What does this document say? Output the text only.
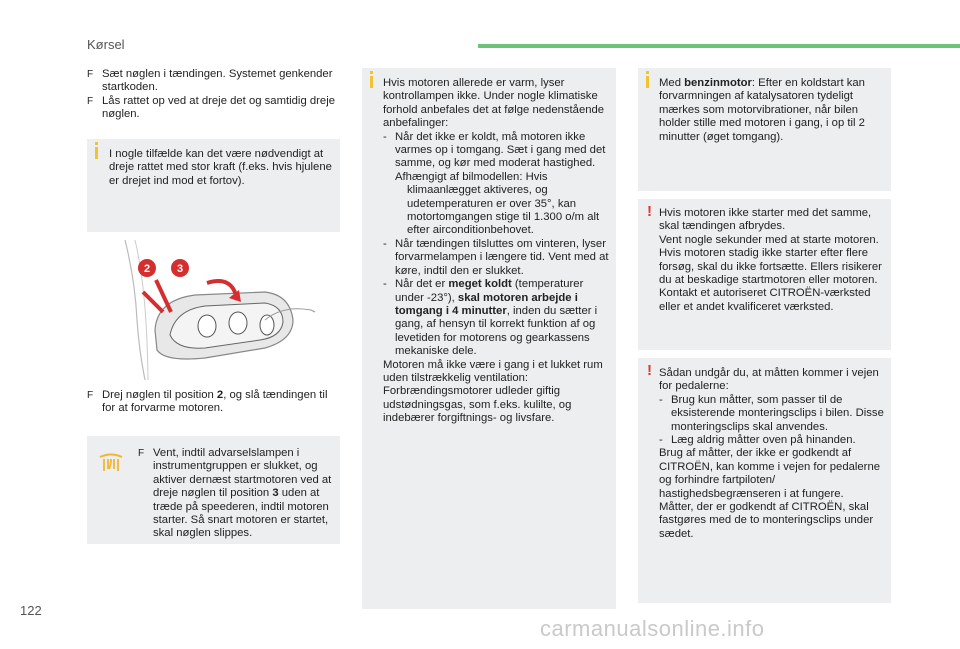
Kørsel
F Sæt nøglen i tændingen. Systemet genkender startkoden.
F Lås rattet op ved at dreje det og samtidig dreje nøglen.
I nogle tilfælde kan det være nødvendigt at dreje rattet med stor kraft (f.eks. hvis hjulene er drejet ind mod et fortov).
2 3
F Drej nøglen til position 2, og slå tændingen til for at forvarme motoren.
F Vent, indtil advarselslampen i instrumentgruppen er slukket, og aktiver dernæst startmotoren ved at dreje nøglen til position 3 uden at træde på speederen, indtil motoren starter. Så snart motoren er startet, skal nøglen slippes.
Hvis motoren allerede er varm, lyser kontrollampen ikke. Under nogle klimatiske forhold anbefales det at følge nedenstående anbefalinger:
- Når det ikke er koldt, må motoren ikke varmes op i tomgang. Sæt i gang med det samme, og kør med moderat hastighed.
Afhængigt af bilmodellen: Hvis klimaanlægget aktiveres, og udetemperaturen er over 35°, kan motortomgangen stige til 1.300 o/m alt efter airconditionbehovet.
- Når tændingen tilsluttes om vinteren, lyser forvarmelampen i længere tid. Vent med at køre, indtil den er slukket.
- Når det er meget koldt (temperaturer under -23°), skal motoren arbejde i tomgang i 4 minutter, inden du sætter i gang, af hensyn til korrekt funktion af og levetiden for motorens og gearkassens mekaniske dele.
Motoren må ikke være i gang i et lukket rum uden tilstrækkelig ventilation: Forbrændingsmotorer udleder giftig udstødningsgas, som f.eks. kulilte, og indebærer forgiftnings- og livsfare.
Med benzinmotor: Efter en koldstart kan forvarmningen af katalysatoren tydeligt mærkes som motorvibrationer, når bilen holder stille med motoren i gang, i op til 2 minutter (øget tomgang).
! Hvis motoren ikke starter med det samme, skal tændingen afbrydes.
Vent nogle sekunder med at starte motoren. Hvis motoren stadig ikke starter efter flere forsøg, skal du ikke fortsætte. Ellers risikerer du at beskadige startmotoren eller motoren.
Kontakt et autoriseret CITROËN-værksted eller et andet kvalificeret værksted.
! Sådan undgår du, at måtten kommer i vejen for pedalerne:
- Brug kun måtter, som passer til de eksisterende monteringsclips i bilen. Disse monteringsclips skal anvendes.
- Læg aldrig måtter oven på hinanden.
Brug af måtter, der ikke er godkendt af CITROËN, kan komme i vejen for pedalerne og forhindre fartpiloten/ hastighedsbegrænseren i at fungere.
Måtter, der er godkendt af CITROËN, skal fastgøres med de to monteringsclips under sædet.
122
carmanualsonline.info
